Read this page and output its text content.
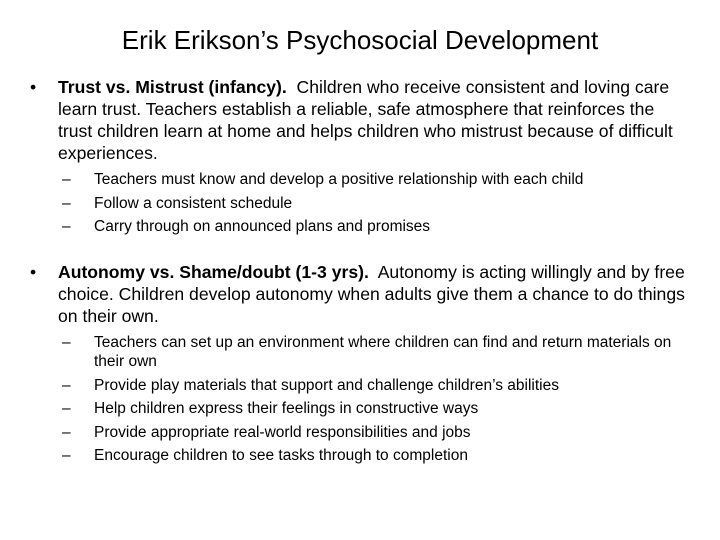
Erik Erikson’s Psychosocial Development
•	Trust vs. Mistrust (infancy). Children who receive consistent and loving care learn trust. Teachers establish a reliable, safe atmosphere that reinforces the trust children learn at home and helps children who mistrust because of difficult experiences.
– Teachers must know and develop a positive relationship with each child
– Follow a consistent schedule
– Carry through on announced plans and promises
•	Autonomy vs. Shame/doubt (1-3 yrs). Autonomy is acting willingly and by free choice. Children develop autonomy when adults give them a chance to do things on their own.
– Teachers can set up an environment where children can find and return materials on their own
– Provide play materials that support and challenge children’s abilities
– Help children express their feelings in constructive ways
– Provide appropriate real-world responsibilities and jobs
– Encourage children to see tasks through to completion
